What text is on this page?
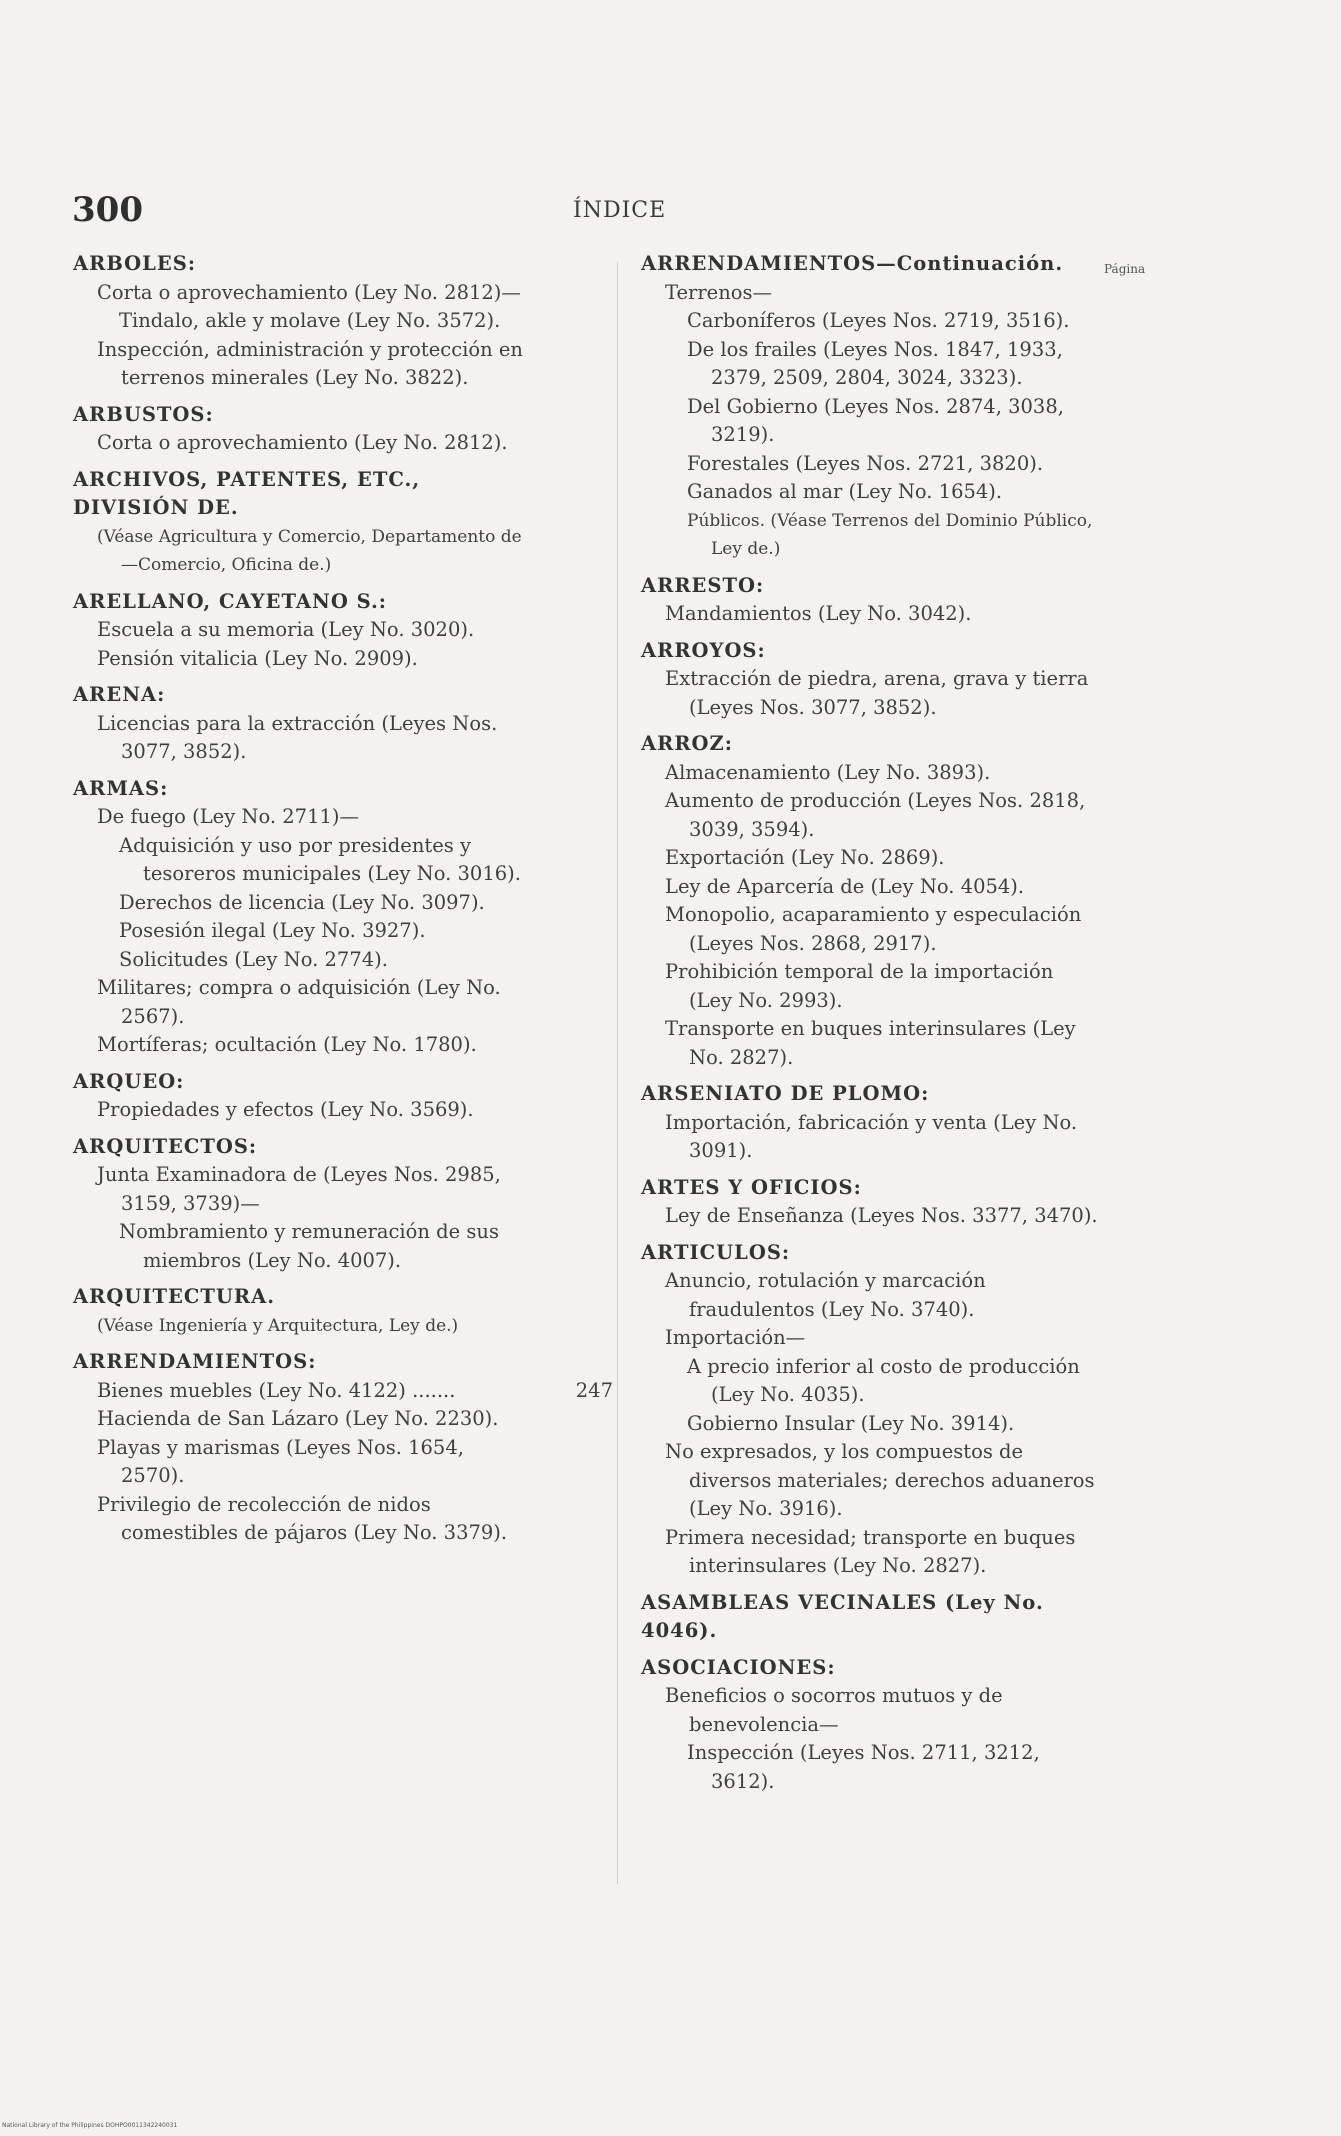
300	ÍNDICE
Página
ARBOLES:
Corta o aprovechamiento (Ley No. 2812)—
Tindalo, akle y molave (Ley No. 3572).
Inspección, administración y protección en terrenos minerales (Ley No. 3822).
ARBUSTOS:
Corta o aprovechamiento (Ley No. 2812).
ARCHIVOS, PATENTES, ETC., DIVISIÓN DE.
(Véase Agricultura y Comercio, Departamento de—Comercio, Oficina de.)
ARELLANO, CAYETANO S.:
Escuela a su memoria (Ley No. 3020).
Pensión vitalicia (Ley No. 2909).
ARENA:
Licencias para la extracción (Leyes Nos. 3077, 3852).
ARMAS:
De fuego (Ley No. 2711)—
Adquisición y uso por presidentes y tesoreros municipales (Ley No. 3016).
Derechos de licencia (Ley No. 3097).
Posesión ilegal (Ley No. 3927).
Solicitudes (Ley No. 2774).
Militares; compra o adquisición (Ley No. 2567).
Mortíferas; ocultación (Ley No. 1780).
ARQUEO:
Propiedades y efectos (Ley No. 3569).
ARQUITECTOS:
Junta Examinadora de (Leyes Nos. 2985, 3159, 3739)—
Nombramiento y remuneración de sus miembros (Ley No. 4007).
ARQUITECTURA.
(Véase Ingeniería y Arquitectura, Ley de.)
ARRENDAMIENTOS:
Bienes muebles (Ley No. 4122) .......	247
Hacienda de San Lázaro (Ley No. 2230).
Playas y marismas (Leyes Nos. 1654, 2570).
Privilegio de recolección de nidos comestibles de pájaros (Ley No. 3379).
ARRENDAMIENTOS—Continuación.
Terrenos—
Carboníferos (Leyes Nos. 2719, 3516).
De los frailes (Leyes Nos. 1847, 1933, 2379, 2509, 2804, 3024, 3323).
Del Gobierno (Leyes Nos. 2874, 3038, 3219).
Forestales (Leyes Nos. 2721, 3820).
Ganados al mar (Ley No. 1654).
Públicos. (Véase Terrenos del Dominio Público, Ley de.)
ARRESTO:
Mandamientos (Ley No. 3042).
ARROYOS:
Extracción de piedra, arena, grava y tierra (Leyes Nos. 3077, 3852).
ARROZ:
Almacenamiento (Ley No. 3893).
Aumento de producción (Leyes Nos. 2818, 3039, 3594).
Exportación (Ley No. 2869).
Ley de Aparcería de (Ley No. 4054).
Monopolio, acaparamiento y especulación (Leyes Nos. 2868, 2917).
Prohibición temporal de la importación (Ley No. 2993).
Transporte en buques interinsulares (Ley No. 2827).
ARSENIATO DE PLOMO:
Importación, fabricación y venta (Ley No. 3091).
ARTES Y OFICIOS:
Ley de Enseñanza (Leyes Nos. 3377, 3470).
ARTICULOS:
Anuncio, rotulación y marcación fraudulentos (Ley No. 3740).
Importación—
A precio inferior al costo de producción (Ley No. 4035).
Gobierno Insular (Ley No. 3914).
No expresados, y los compuestos de diversos materiales; derechos aduaneros (Ley No. 3916).
Primera necesidad; transporte en buques interinsulares (Ley No. 2827).
ASAMBLEAS VECINALES (Ley No. 4046).
ASOCIACIONES:
Beneficios o socorros mutuos y de benevolencia—
Inspección (Leyes Nos. 2711, 3212, 3612).
National Library of the Philippines DOHPO0011342240031
